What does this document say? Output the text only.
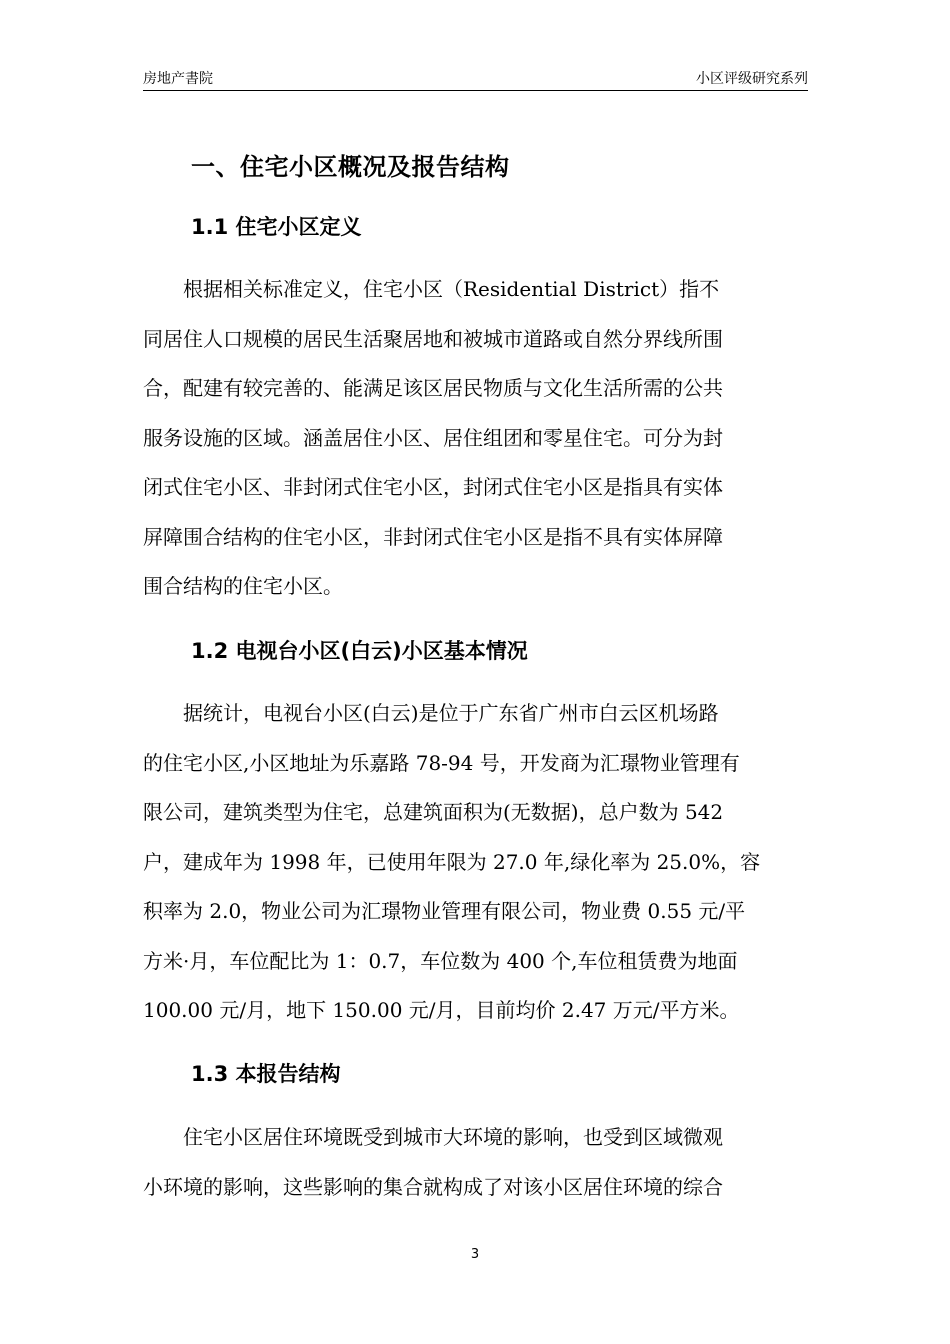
房地产書院	小区评级研究系列
一、住宅小区概况及报告结构
1.1 住宅小区定义
　　根据相关标准定义，住宅小区（Residential District）指不
同居住人口规模的居民生活聚居地和被城市道路或自然分界线所围
合，配建有较完善的、能满足该区居民物质与文化生活所需的公共
服务设施的区域。涵盖居住小区、居住组团和零星住宅。可分为封
闭式住宅小区、非封闭式住宅小区，封闭式住宅小区是指具有实体
屏障围合结构的住宅小区，非封闭式住宅小区是指不具有实体屏障
围合结构的住宅小区。
1.2 电视台小区(白云)小区基本情况
　　据统计，电视台小区(白云)是位于广东省广州市白云区机场路
的住宅小区,小区地址为乐嘉路 78-94 号，开发商为汇璟物业管理有
限公司，建筑类型为住宅，总建筑面积为(无数据)，总户数为 542
户，建成年为 1998 年，已使用年限为 27.0 年,绿化率为 25.0%，容
积率为 2.0，物业公司为汇璟物业管理有限公司，物业费 0.55 元/平
方米·月，车位配比为 1：0.7，车位数为 400 个,车位租赁费为地面
100.00 元/月，地下 150.00 元/月，目前均价 2.47 万元/平方米。
1.3 本报告结构
　　住宅小区居住环境既受到城市大环境的影响，也受到区域微观
小环境的影响，这些影响的集合就构成了对该小区居住环境的综合
3
